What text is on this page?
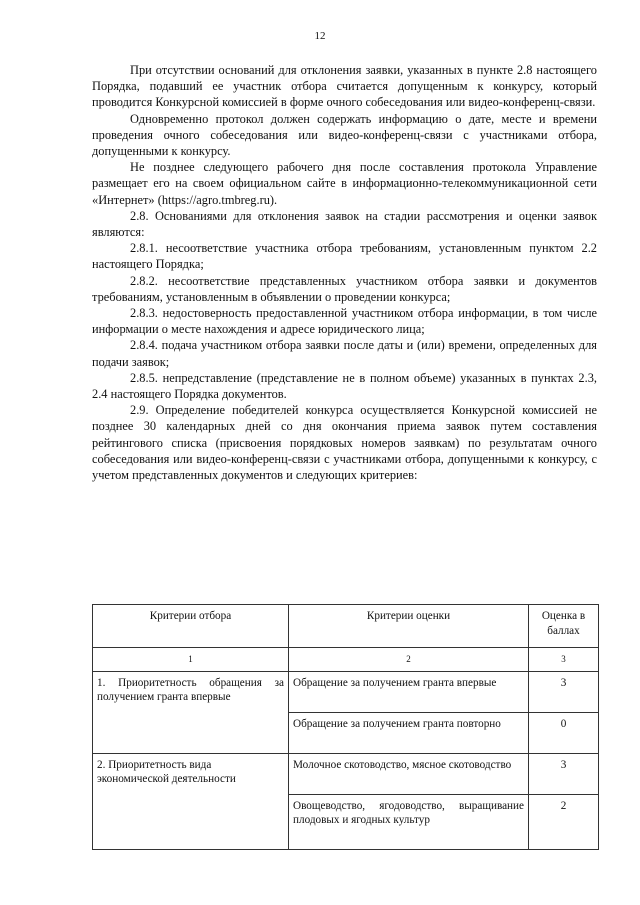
12

При отсутствии оснований для отклонения заявки, указанных в пункте 2.8 настоящего Порядка, подавший ее участник отбора считается допущенным к конкурсу, который проводится Конкурсной комиссией в форме очного собеседования или видео-конференц-связи.

Одновременно протокол должен содержать информацию о дате, месте и времени проведения очного собеседования или видео-конференц-связи с участниками отбора, допущенными к конкурсу.

Не позднее следующего рабочего дня после составления протокола Управление размещает его на своем официальном сайте в информационно-телекоммуникационной сети «Интернет» (https://agro.tmbreg.ru).

2.8. Основаниями для отклонения заявок на стадии рассмотрения и оценки заявок являются:

2.8.1. несоответствие участника отбора требованиям, установленным пунктом 2.2 настоящего Порядка;

2.8.2. несоответствие представленных участником отбора заявки и документов требованиям, установленным в объявлении о проведении конкурса;

2.8.3. недостоверность предоставленной участником отбора информации, в том числе информации о месте нахождения и адресе юридического лица;

2.8.4. подача участником отбора заявки после даты и (или) времени, определенных для подачи заявок;

2.8.5. непредставление (представление не в полном объеме) указанных в пунктах 2.3, 2.4 настоящего Порядка документов.

2.9. Определение победителей конкурса осуществляется Конкурсной комиссией не позднее 30 календарных дней со дня окончания приема заявок путем составления рейтингового списка (присвоения порядковых номеров заявкам) по результатам очного собеседования или видео-конференц-связи с участниками отбора, допущенными к конкурсу, с учетом представленных документов и следующих критериев:

Критерии отбора	Критерии оценки	Оценка в баллах
1	2	3
1. Приоритетность обращения за получением гранта впервые	Обращение за получением гранта впервые	3
	Обращение за получением гранта повторно	0
2. Приоритетность вида экономической деятельности	Молочное скотоводство, мясное скотоводство	3
	Овощеводство, ягодоводство, выращивание плодовых и ягодных культур	2
